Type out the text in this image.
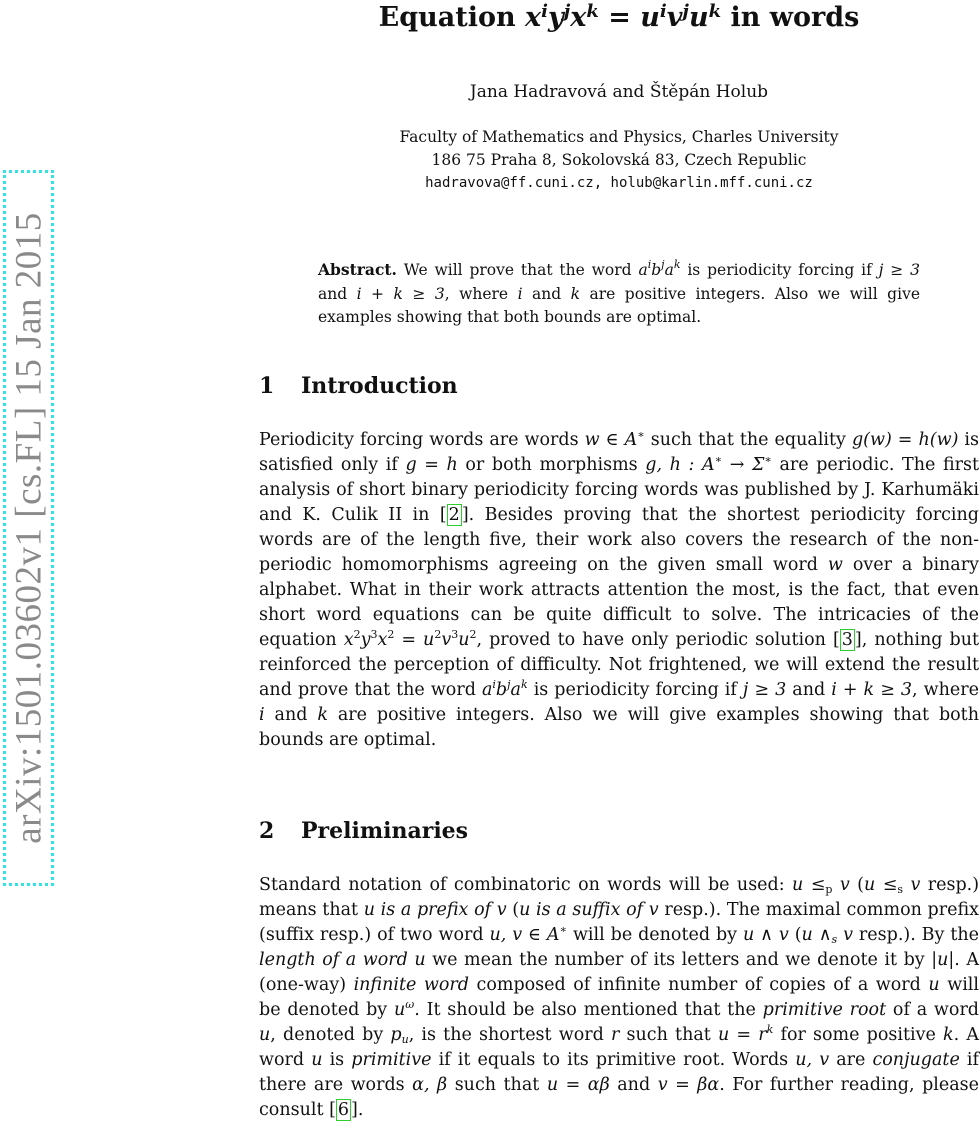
arXiv:1501.03602v1 [cs.FL] 15 Jan 2015
Equation $x^iy^jx^k = u^iv^ju^k$ in words
Jana Hadravová and Štěpán Holub
Faculty of Mathematics and Physics, Charles University
186 75 Praha 8, Sokolovská 83, Czech Republic
hadravova@ff.cuni.cz, holub@karlin.mff.cuni.cz
Abstract. We will prove that the word $a^ib^ja^k$ is periodicity forcing if j ≥ 3 and i + k ≥ 3, where i and k are positive integers. Also we will give examples showing that both bounds are optimal.
1 Introduction
Periodicity forcing words are words w ∈ A∗ such that the equality g(w) = h(w) is satisfied only if g = h or both morphisms g, h : A∗ → Σ∗ are periodic. The first analysis of short binary periodicity forcing words was published by J. Karhumäki and K. Culik II in [ 2 ]. Besides proving that the shortest periodicity forcing words are of the length five, their work also covers the research of the non-periodic homomorphisms agreeing on the given small word w over a binary alphabet. What in their work attracts attention the most, is the fact, that even short word equations can be quite difficult to solve. The intricacies of the equation $x^2y^3x^2 = u^2v^3u^2$, proved to have only periodic solution [ 3 ], nothing but reinforced the perception of difficulty. Not frightened, we will extend the result and prove that the word $a^ib^ja^k$ is periodicity forcing if j ≥ 3 and i + k ≥ 3, where i and k are positive integers. Also we will give examples showing that both bounds are optimal.
2 Preliminaries
Standard notation of combinatoric on words will be used: $u \le_p$ v ($u \le_s$ v resp.) means that u is a prefix of v (u is a suffix of v resp.). The maximal common prefix (suffix resp.) of two word u, v ∈ A∗ will be denoted by u ∧ v (u $\wedge_s$ v resp.). By the length of a word u we mean the number of its letters and we denote it by |u|. A (one-way) infinite word composed of infinite number of copies of a word u will be denoted by $u^\omega$. It should be also mentioned that the primitive root of a word u, denoted by $p_u$, is the shortest word r such that $u = r^k$ for some positive k. A word u is primitive if it equals to its primitive root. Words u, v are conjugate if there are words α, β such that u = αβ and v = βα. For further reading, please consult [ 6 ].
